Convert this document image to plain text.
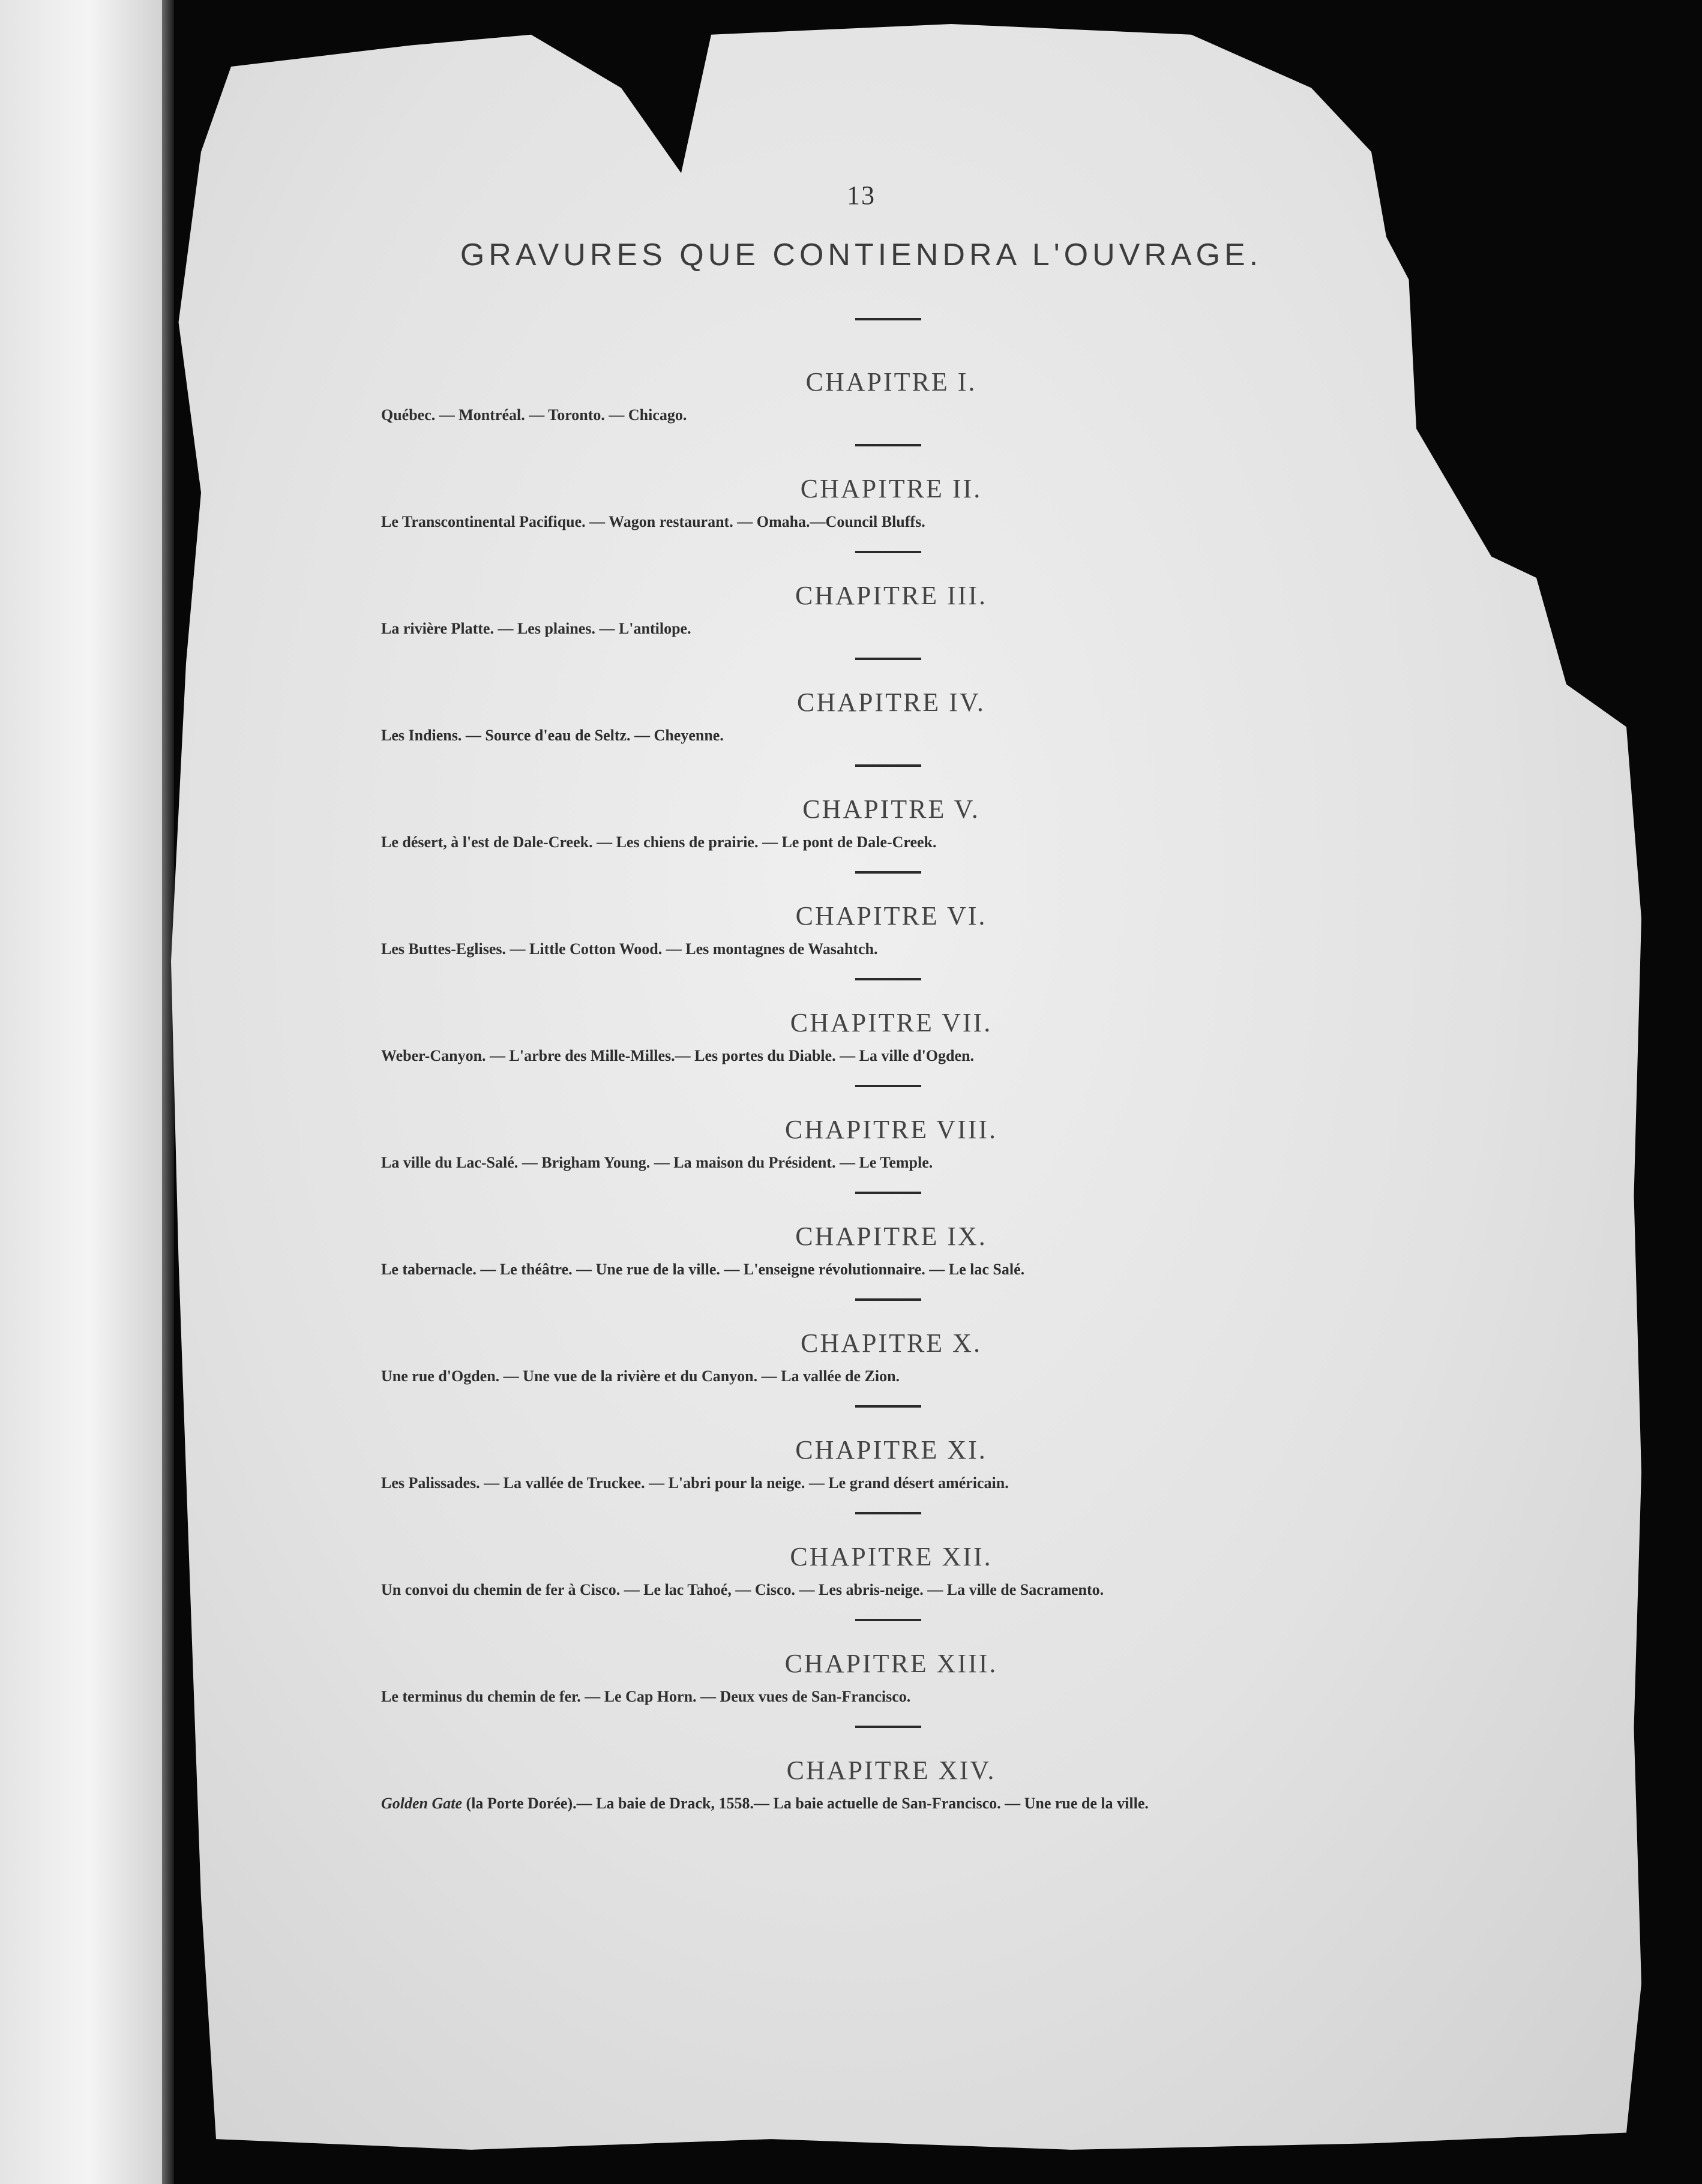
13
GRAVURES QUE CONTIENDRA L'OUVRAGE.
CHAPITRE I.
Québec. — Montréal. — Toronto. — Chicago.
CHAPITRE II.
Le Transcontinental Pacifique. — Wagon restaurant. — Omaha.—Council Bluffs.
CHAPITRE III.
La rivière Platte. — Les plaines. — L'antilope.
CHAPITRE IV.
Les Indiens. — Source d'eau de Seltz. — Cheyenne.
CHAPITRE V.
Le désert, à l'est de Dale-Creek. — Les chiens de prairie. — Le pont de Dale-Creek.
CHAPITRE VI.
Les Buttes-Eglises. — Little Cotton Wood. — Les montagnes de Wasahtch.
CHAPITRE VII.
Weber-Canyon. — L'arbre des Mille-Milles.— Les portes du Diable. — La ville d'Ogden.
CHAPITRE VIII.
La ville du Lac-Salé. — Brigham Young. — La maison du Président. — Le Temple.
CHAPITRE IX.
Le tabernacle. — Le théâtre. — Une rue de la ville. — L'enseigne révolutionnaire. — Le lac Salé.
CHAPITRE X.
Une rue d'Ogden. — Une vue de la rivière et du Canyon. — La vallée de Zion.
CHAPITRE XI.
Les Palissades. — La vallée de Truckee. — L'abri pour la neige. — Le grand désert américain.
CHAPITRE XII.
Un convoi du chemin de fer à Cisco. — Le lac Tahoé, — Cisco. — Les abris-neige. — La ville de Sacramento.
CHAPITRE XIII.
Le terminus du chemin de fer. — Le Cap Horn. — Deux vues de San-Francisco.
CHAPITRE XIV.
Golden Gate (la Porte Dorée).— La baie de Drack, 1558.— La baie actuelle de San-Francisco. — Une rue de la ville.
